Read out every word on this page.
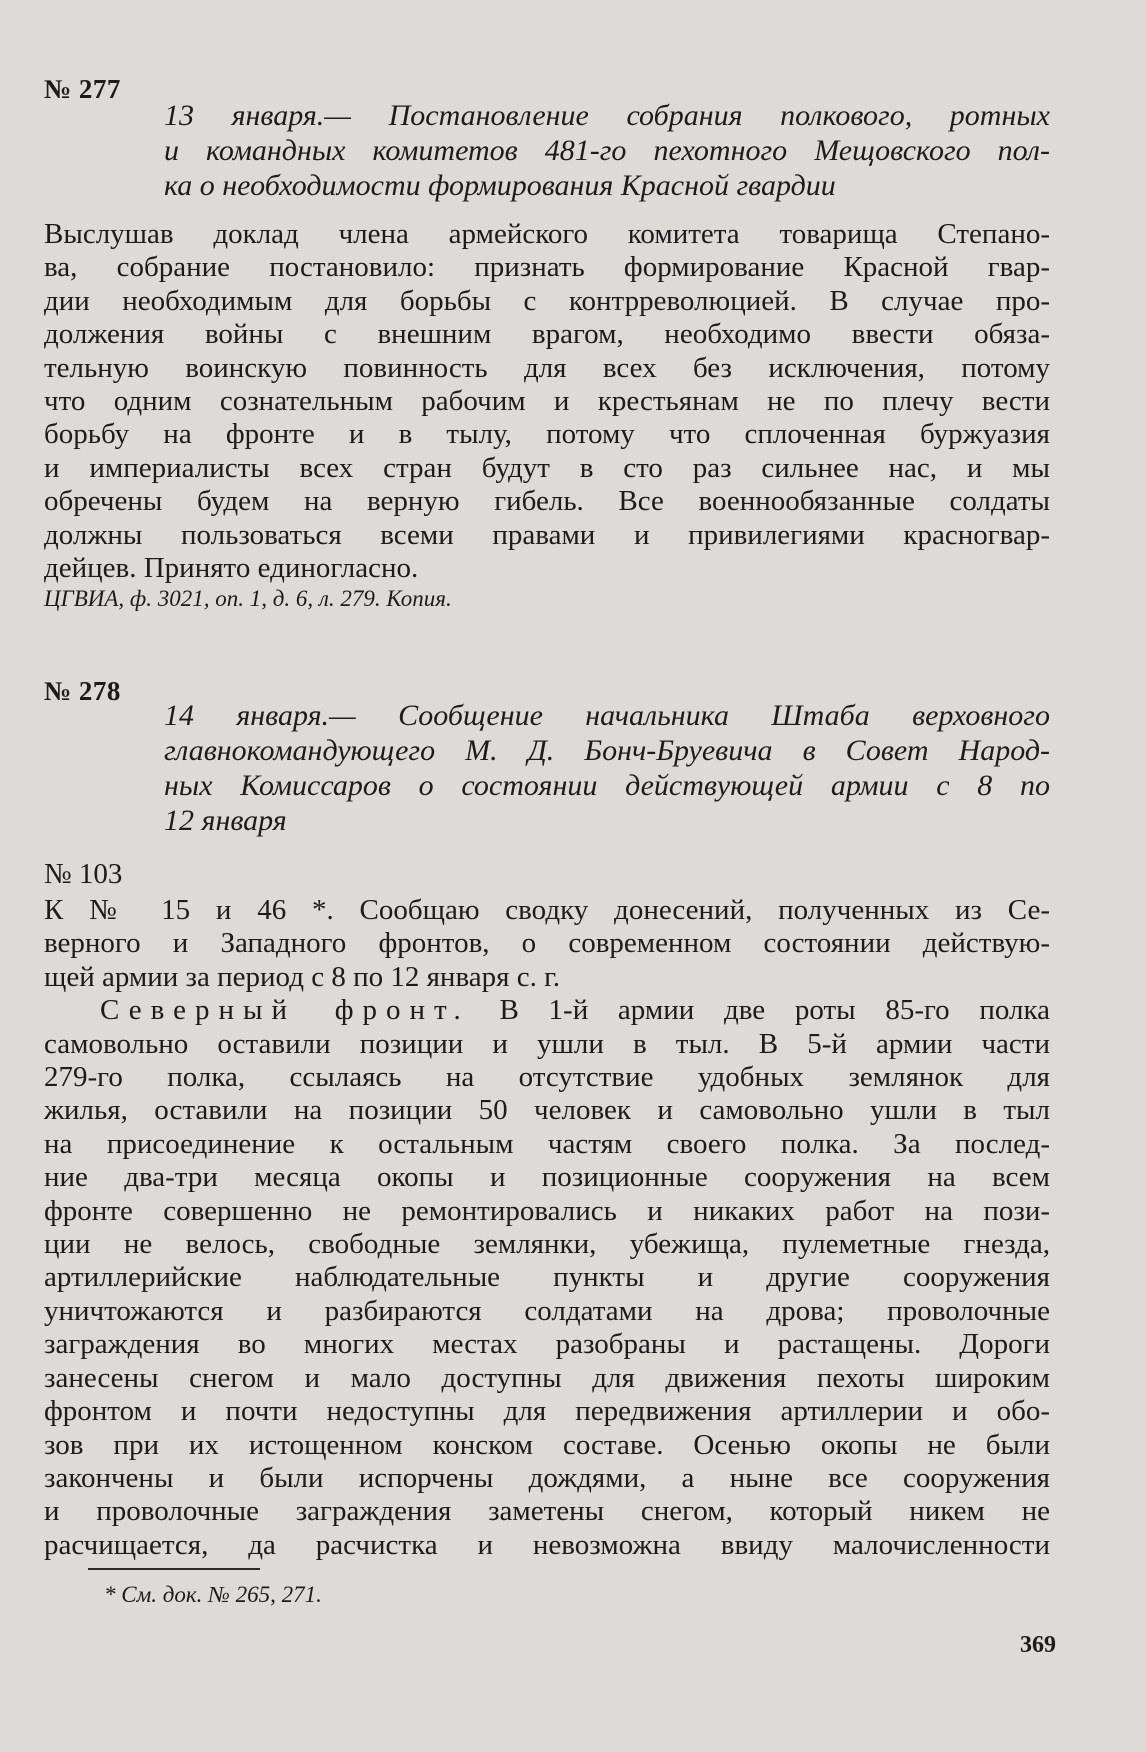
№ 277
13 января.— Постановление собрания полкового, ротных
и командных комитетов 481-го пехотного Мещовского пол-
ка о необходимости формирования Красной гвардии
Выслушав доклад члена армейского комитета товарища Степано-
ва, собрание постановило: признать формирование Красной гвар-
дии необходимым для борьбы с контрреволюцией. В случае про-
должения войны с внешним врагом, необходимо ввести обяза-
тельную воинскую повинность для всех без исключения, потому
что одним сознательным рабочим и крестьянам не по плечу вести
борьбу на фронте и в тылу, потому что сплоченная буржуазия
и империалисты всех стран будут в сто раз сильнее нас, и мы
обречены будем на верную гибель. Все военнообязанные солдаты
должны пользоваться всеми правами и привилегиями красногвар-
дейцев. Принято единогласно.
ЦГВИА, ф. 3021, оп. 1, д. 6, л. 279. Копия.
№ 278
14 января.— Сообщение начальника Штаба верховного
главнокомандующего М. Д. Бонч-Бруевича в Совет Народ-
ных Комиссаров о состоянии действующей армии с 8 по
12 января
№ 103
К № 15 и 46 *. Сообщаю сводку донесений, полученных из Се-
верного и Западного фронтов, о современном состоянии действую-
щей армии за период с 8 по 12 января с. г.
Северный фронт. В 1-й армии две роты 85-го полка
самовольно оставили позиции и ушли в тыл. В 5-й армии части
279-го полка, ссылаясь на отсутствие удобных землянок для
жилья, оставили на позиции 50 человек и самовольно ушли в тыл
на присоединение к остальным частям своего полка. За послед-
ние два-три месяца окопы и позиционные сооружения на всем
фронте совершенно не ремонтировались и никаких работ на пози-
ции не велось, свободные землянки, убежища, пулеметные гнезда,
артиллерийские наблюдательные пункты и другие сооружения
уничтожаются и разбираются солдатами на дрова; проволочные
заграждения во многих местах разобраны и растащены. Дороги
занесены снегом и мало доступны для движения пехоты широким
фронтом и почти недоступны для передвижения артиллерии и обо-
зов при их истощенном конском составе. Осенью окопы не были
закончены и были испорчены дождями, а ныне все сооружения
и проволочные заграждения заметены снегом, который никем не
расчищается, да расчистка и невозможна ввиду малочисленности
* См. док. № 265, 271.
369
